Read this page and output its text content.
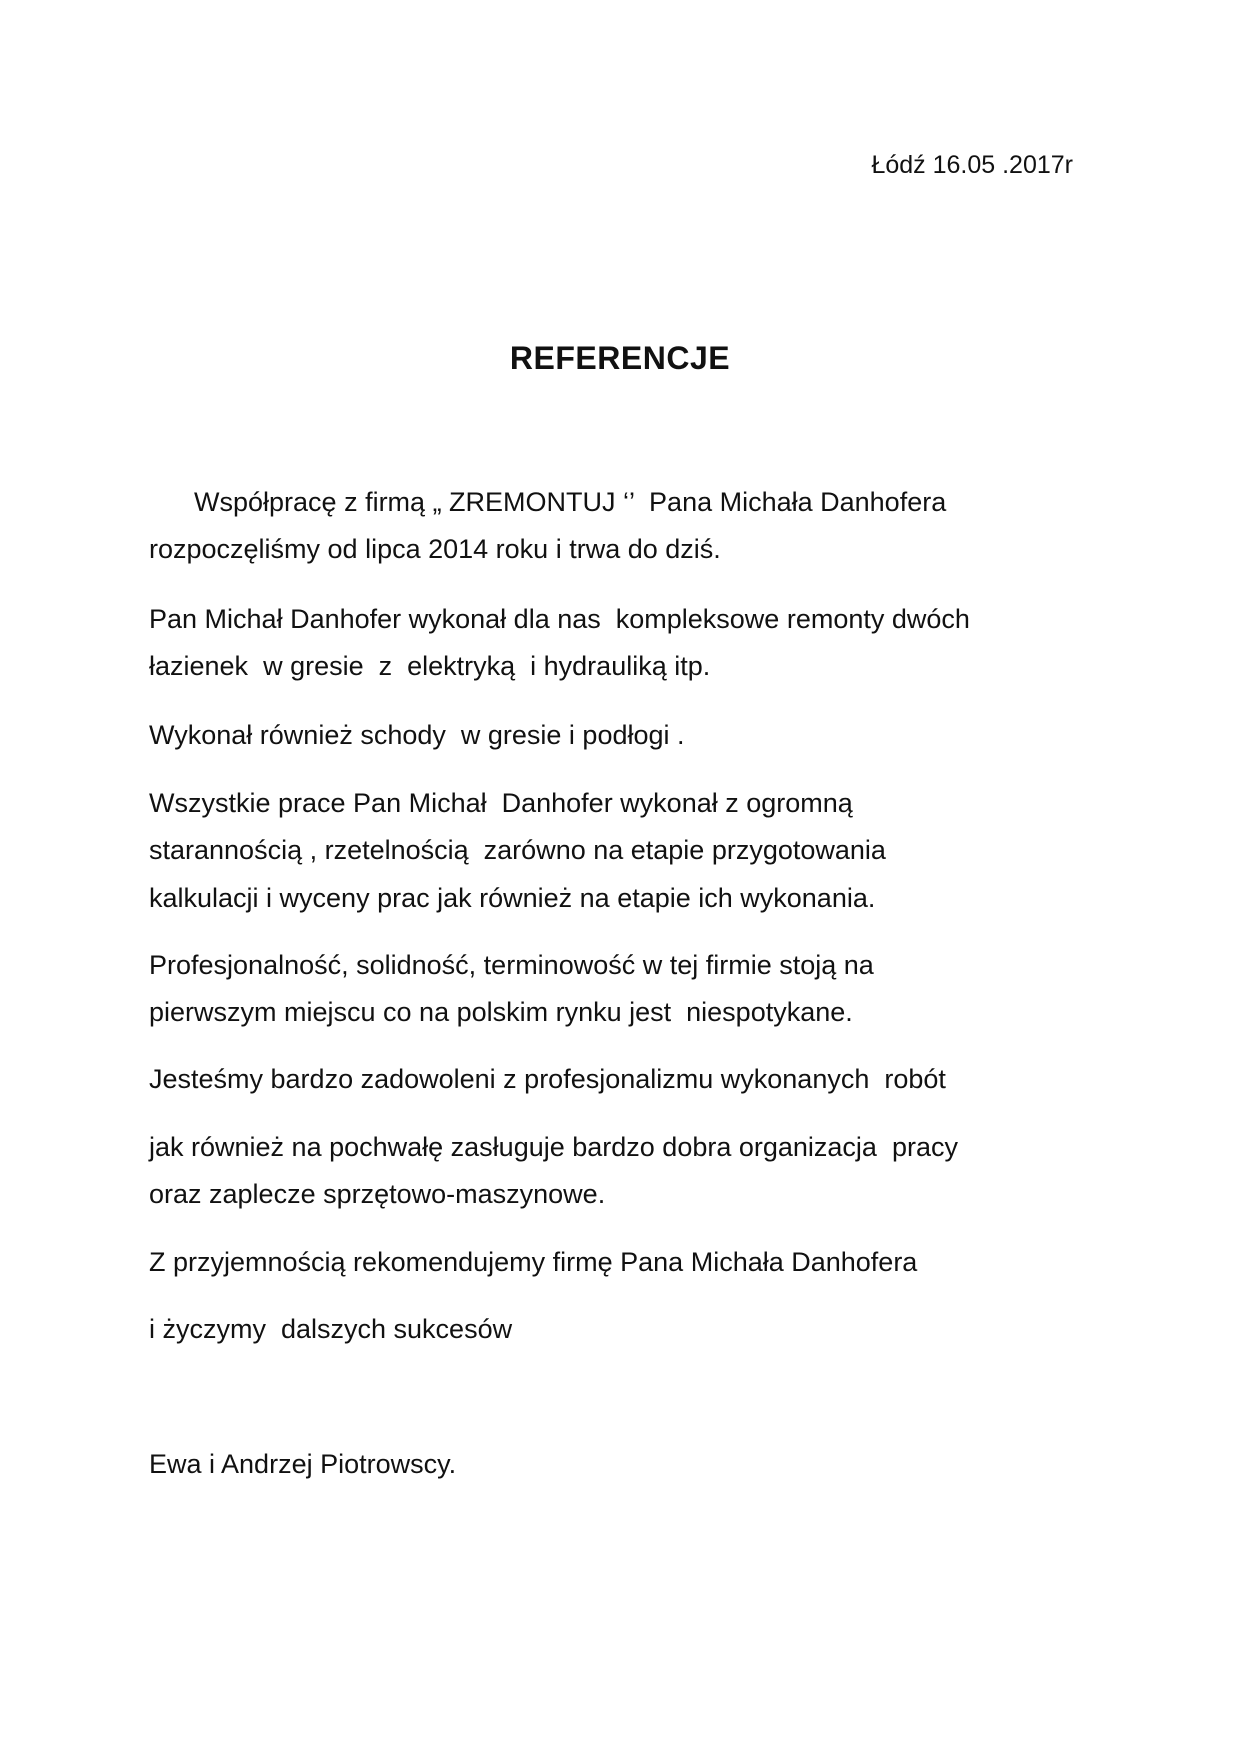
Łódź 16.05 .2017r
REFERENCJE
Współpracę z firmą „ ZREMONTUJ ‘’  Pana Michała Danhofera
rozpoczęliśmy od lipca 2014 roku i trwa do dziś.
Pan Michał Danhofer wykonał dla nas  kompleksowe remonty dwóch
łazienek  w gresie  z  elektryką  i hydrauliką itp.
Wykonał również schody  w gresie i podłogi .
Wszystkie prace Pan Michał  Danhofer wykonał z ogromną
starannością , rzetelnością  zarówno na etapie przygotowania
kalkulacji i wyceny prac jak również na etapie ich wykonania.
Profesjonalność, solidność, terminowość w tej firmie stoją na
pierwszym miejscu co na polskim rynku jest  niespotykane.
Jesteśmy bardzo zadowoleni z profesjonalizmu wykonanych  robót
jak również na pochwałę zasługuje bardzo dobra organizacja  pracy
oraz zaplecze sprzętowo-maszynowe.
Z przyjemnością rekomendujemy firmę Pana Michała Danhofera
i życzymy  dalszych sukcesów
Ewa i Andrzej Piotrowscy.
